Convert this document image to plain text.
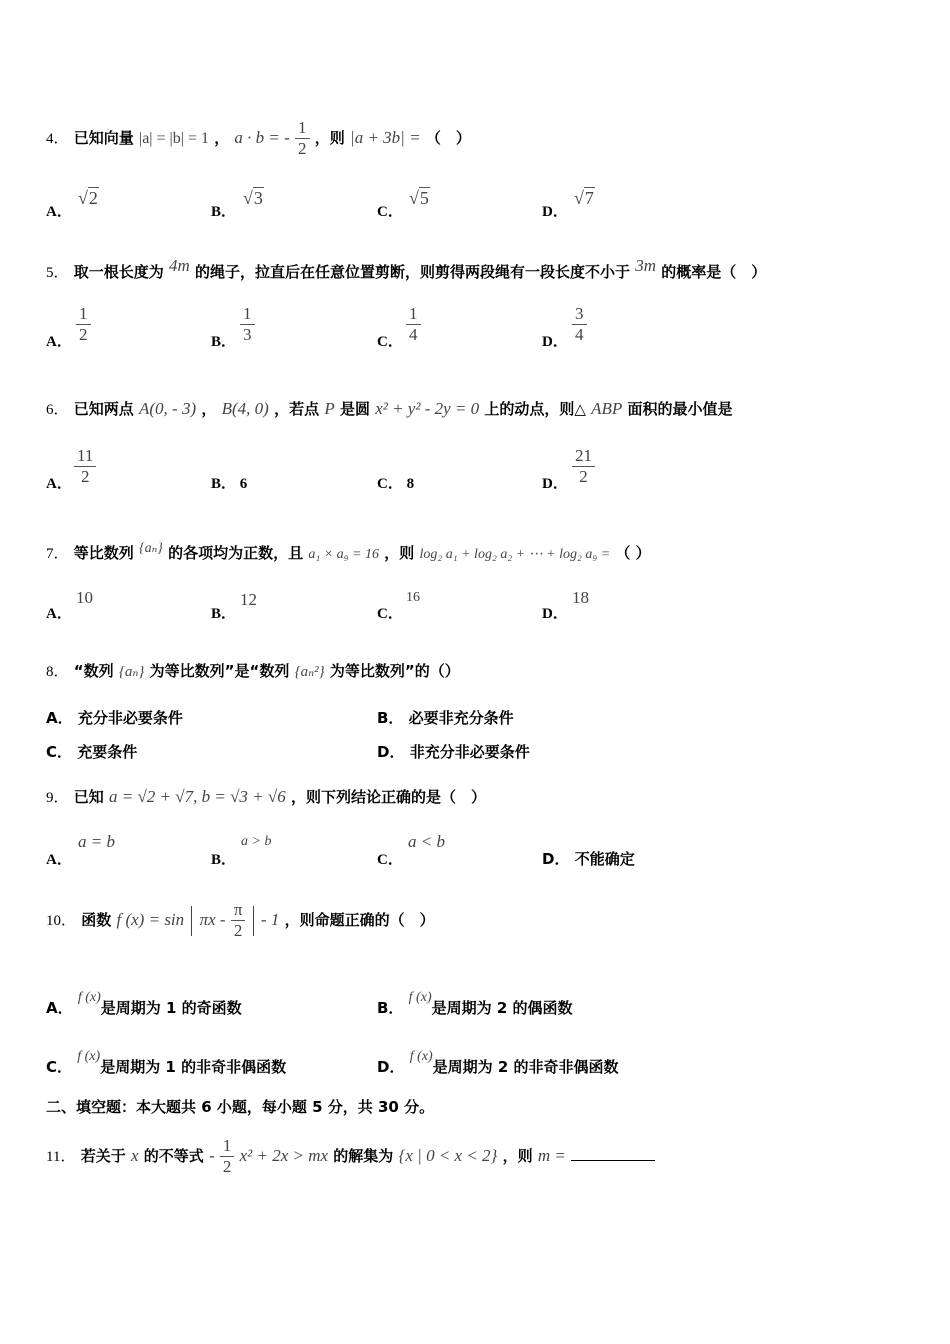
4． 已知向量 |a| = |b| = 1 ， a · b = - $\frac{1}{2}$ ，则 |a + 3b| = （　）
A．
√2
B．
√3
C．
√5
D．
√7
5． 取一根长度为 4m 的绳子，拉直后在任意位置剪断，则剪得两段绳有一段长度不小于 3m 的概率是（　）
A． $\frac{1}{2}$	B． $\frac{1}{3}$	C． $\frac{1}{4}$	D． $\frac{3}{4}$
6． 已知两点 A(0, - 3) ， B(4, 0) ，若点 P 是圆 x² + y² - 2y = 0 上的动点，则△ ABP 面积的最小值是
A． $\frac{11}{2}$	B． 6	C． 8	D． $\frac{21}{2}$
7． 等比数列 {aₙ} 的各项均为正数，且 a₁ × a₉ = 16 ，则 log₂ a₁ + log₂ a₂ + ⋯ + log₂ a₉ = （ ）
A．
10
B．
12
C．
16
D．
18
8． “数列 {aₙ} 为等比数列”是“数列 {aₙ²} 为等比数列”的（）
A． 充分非必要条件	B． 必要非充分条件
C． 充要条件	D． 非充分非必要条件
9． 已知 a = √2 + √7, b = √3 + √6 ，则下列结论正确的是（　）
A．
a = b
B．
a > b
C．
a < b
D． 不能确定
10． 函数 f $(x) = \sin \pi x - \frac{\pi}{2} - 1$ ，则命题正确的（　）
A． f (x)是周期为 1 的奇函数	B． f (x)是周期为 2 的偶函数
C． f (x)是周期为 1 的非奇非偶函数	D． f (x)是周期为 2 的非奇非偶函数
二、填空题：本大题共 6 小题，每小题 5 分，共 30 分。
11． 若关于 x 的不等式 - $\frac{1}{2} x^2 + 2x$ > mx 的解集为 {x | 0 < x < 2} ，则 m =
